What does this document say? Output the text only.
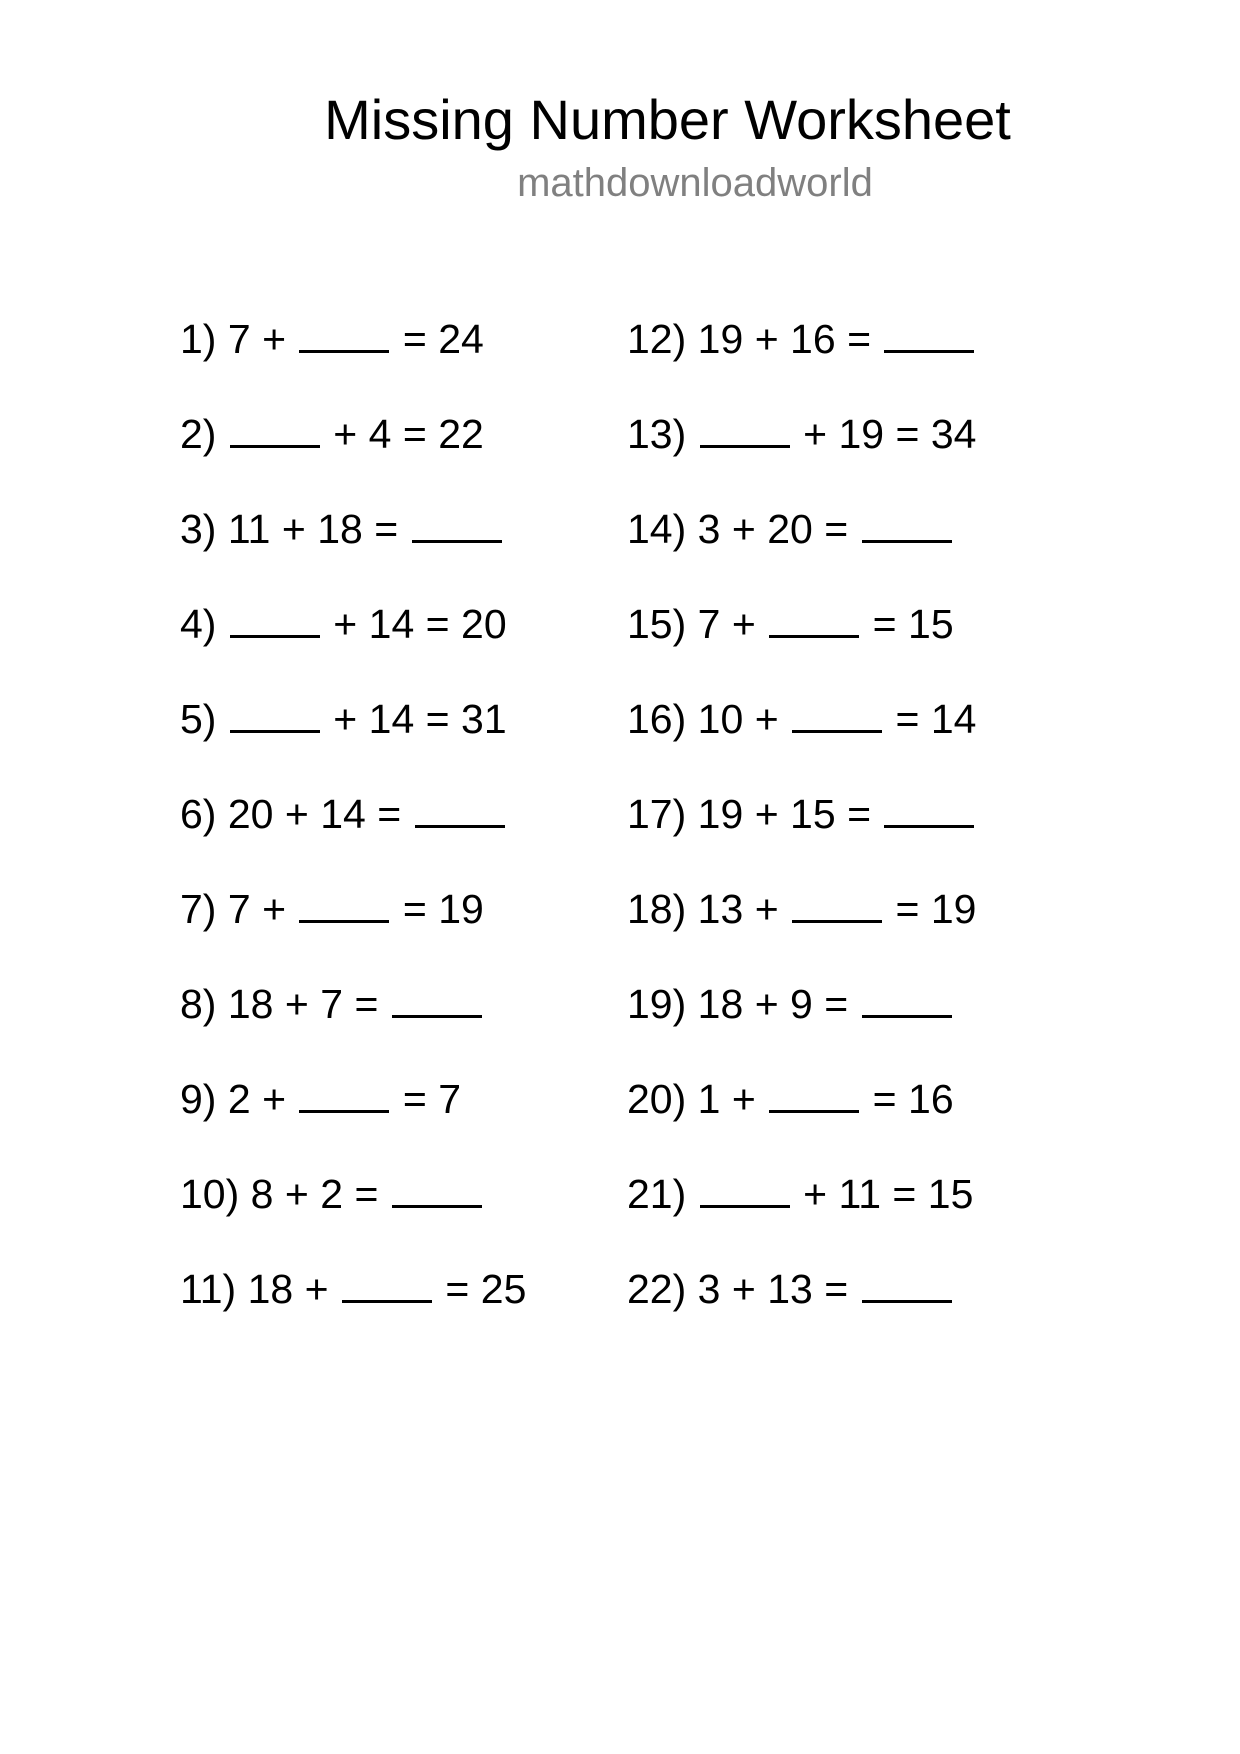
Missing Number Worksheet
mathdownloadworld
1) 7 +	= 24
2)	+ 4 = 22
3) 11 + 18 =
4)	+ 14 = 20
5)	+ 14 = 31
6) 20 + 14 =
7) 7 +	= 19
8) 18 + 7 =
9) 2 +	= 7
10) 8 + 2 =
11) 18 +	= 25
12) 19 + 16 =
13)	+ 19 = 34
14) 3 + 20 =
15) 7 +	= 15
16) 10 +	= 14
17) 19 + 15 =
18) 13 +	= 19
19) 18 + 9 =
20) 1 +	= 16
21)	+ 11 = 15
22) 3 + 13 =
